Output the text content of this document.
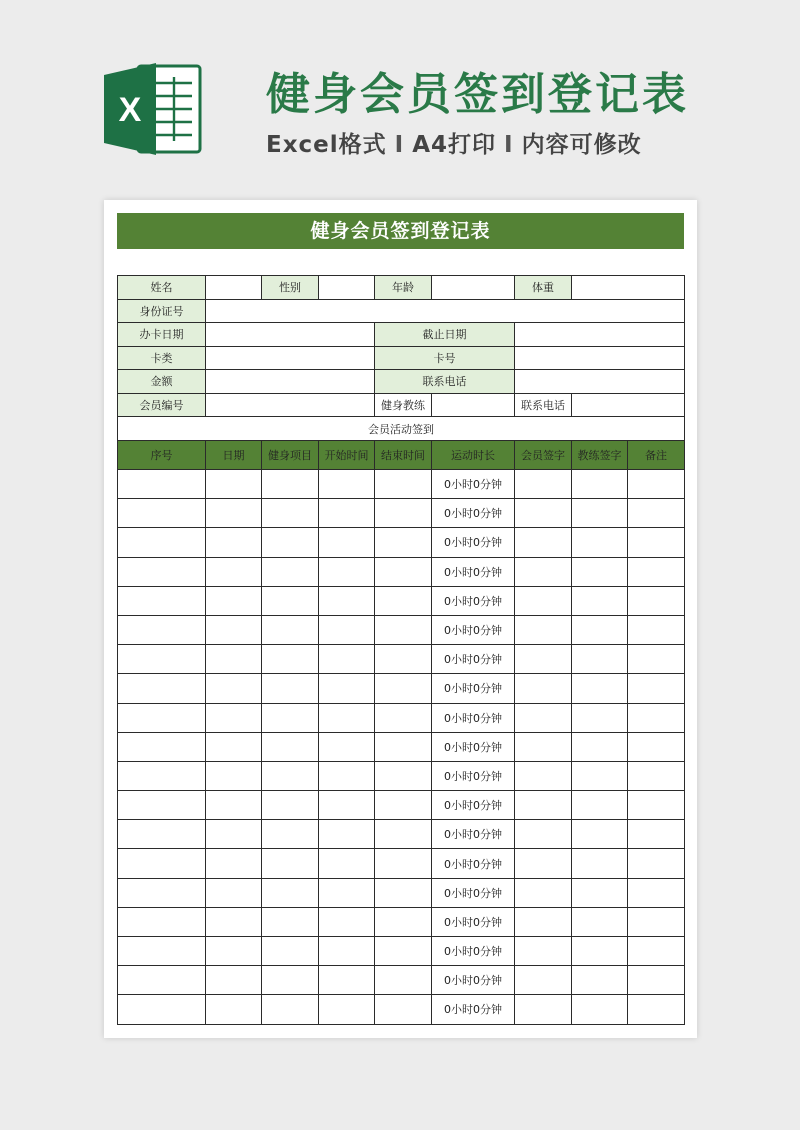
X	健身会员签到登记表
Excel格式 I A4打印 I 内容可修改
健身会员签到登记表
姓名		性别		年龄		体重		
身份证号								
办卡日期				截止日期				
卡类				卡号				
金额				联系电话				
会员编号				健身教练		联系电话		
会员活动签到								
序号	日期	健身项目	开始时间	结束时间	运动时长	会员签字	教练签字	备注
					0小时0分钟			
					0小时0分钟			
					0小时0分钟			
					0小时0分钟			
					0小时0分钟			
					0小时0分钟			
					0小时0分钟			
					0小时0分钟			
					0小时0分钟			
					0小时0分钟			
					0小时0分钟			
					0小时0分钟			
					0小时0分钟			
					0小时0分钟			
					0小时0分钟			
					0小时0分钟			
					0小时0分钟			
					0小时0分钟			
					0小时0分钟			
